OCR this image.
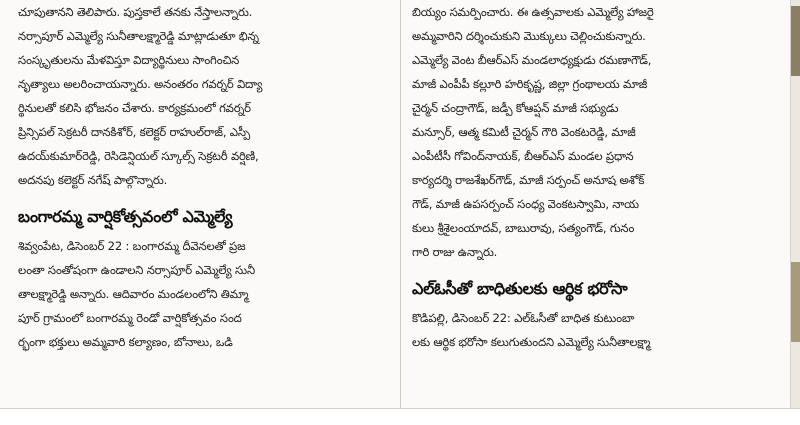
చూపుతానని తెలిపారు. పుస్తకాలే తనకు నేస్తాలన్నారు.
నర్సాపూర్ ఎమ్మెల్యే సునీతాలక్ష్మారెడ్డి మాట్లాడుతూ భిన్న
సంస్కృతులను మేళవిస్తూ విద్యార్థినులు సాంగించిన
నృత్యాలు అలరించాయన్నారు. అనంతరం గవర్నర్ విద్యా
ర్థినులతో కలిసి భోజనం చేశారు. కార్యక్రమంలో గవర్నర్
ప్రిన్సిపల్ సెక్రటరీ దానకిశోర్, కలెక్టర్ రాహుల్‌రాజ్, ఎస్పీ
ఉదయ్‌కుమార్‌రెడ్డి, రెసిడెన్షియల్ స్కూల్స్ సెక్రటరీ వర్షిణి,
అదనపు కలెక్టర్ నగేష్ పాల్గొన్నారు.
బంగారమ్మ వార్షికోత్సవంలో ఎమ్మెల్యే
శివ్వంపేట, డిసెంబర్ 22 : బంగారమ్మ దీవెనలతో ప్రజ
లంతా సంతోషంగా ఉండాలని నర్సాపూర్ ఎమ్మెల్యే సునీ
తాలక్ష్మారెడ్డి అన్నారు. ఆదివారం మండలంలోని తిమ్మా
పూర్ గ్రామంలో బంగారమ్మ రెండో వార్షికోత్సవం సంద
ర్భంగా భక్తులు అమ్మవారి కల్యాణం, బోనాలు, ఒడి
బియ్యం సమర్పించారు. ఈ ఉత్సవాలకు ఎమ్మెల్యే హాజరై
అమ్మవారిని దర్శించుకుని మొక్కులు చెల్లించుకున్నారు.
ఎమ్మెల్యే వెంట బీఆర్ఎస్ మండలాధ్యక్షుడు రమణాగౌడ్,
మాజీ ఎంపీపీ కల్లూరి హరికృష్ణ, జిల్లా గ్రంథాలయ మాజీ
చైర్మన్ చంద్రాగౌడ్, జడ్పీ కోఆప్షన్ మాజీ సభ్యుడు
మన్సూర్, ఆత్మ కమిటీ చైర్మన్ గౌరి వెంకటరెడ్డి, మాజీ
ఎంపీటీసీ గోవింద్‌నాయక్, బీఆర్ఎస్ మండల ప్రధాన
కార్యదర్శి రాజశేఖర్‌గౌడ్, మాజీ సర్పంచ్ అనూష అశోక్
గౌడ్, మాజీ ఉపసర్పంచ్ సంధ్య వెంకటస్వామి, నాయ
కులు శ్రీశైలంయాదవ్, బాబురావు, సత్యంగౌడ్, గునం
గారి రాజు ఉన్నారు.
ఎల్ఓసీతో బాధితులకు ఆర్థిక భరోసా
కొడిపల్లి, డిసెంబర్ 22: ఎల్ఓసీతో బాధిత కుటుంబా
లకు ఆర్థిక భరోసా కలుగుతుందని ఎమ్మెల్యే సునీతాలక్ష్మా
